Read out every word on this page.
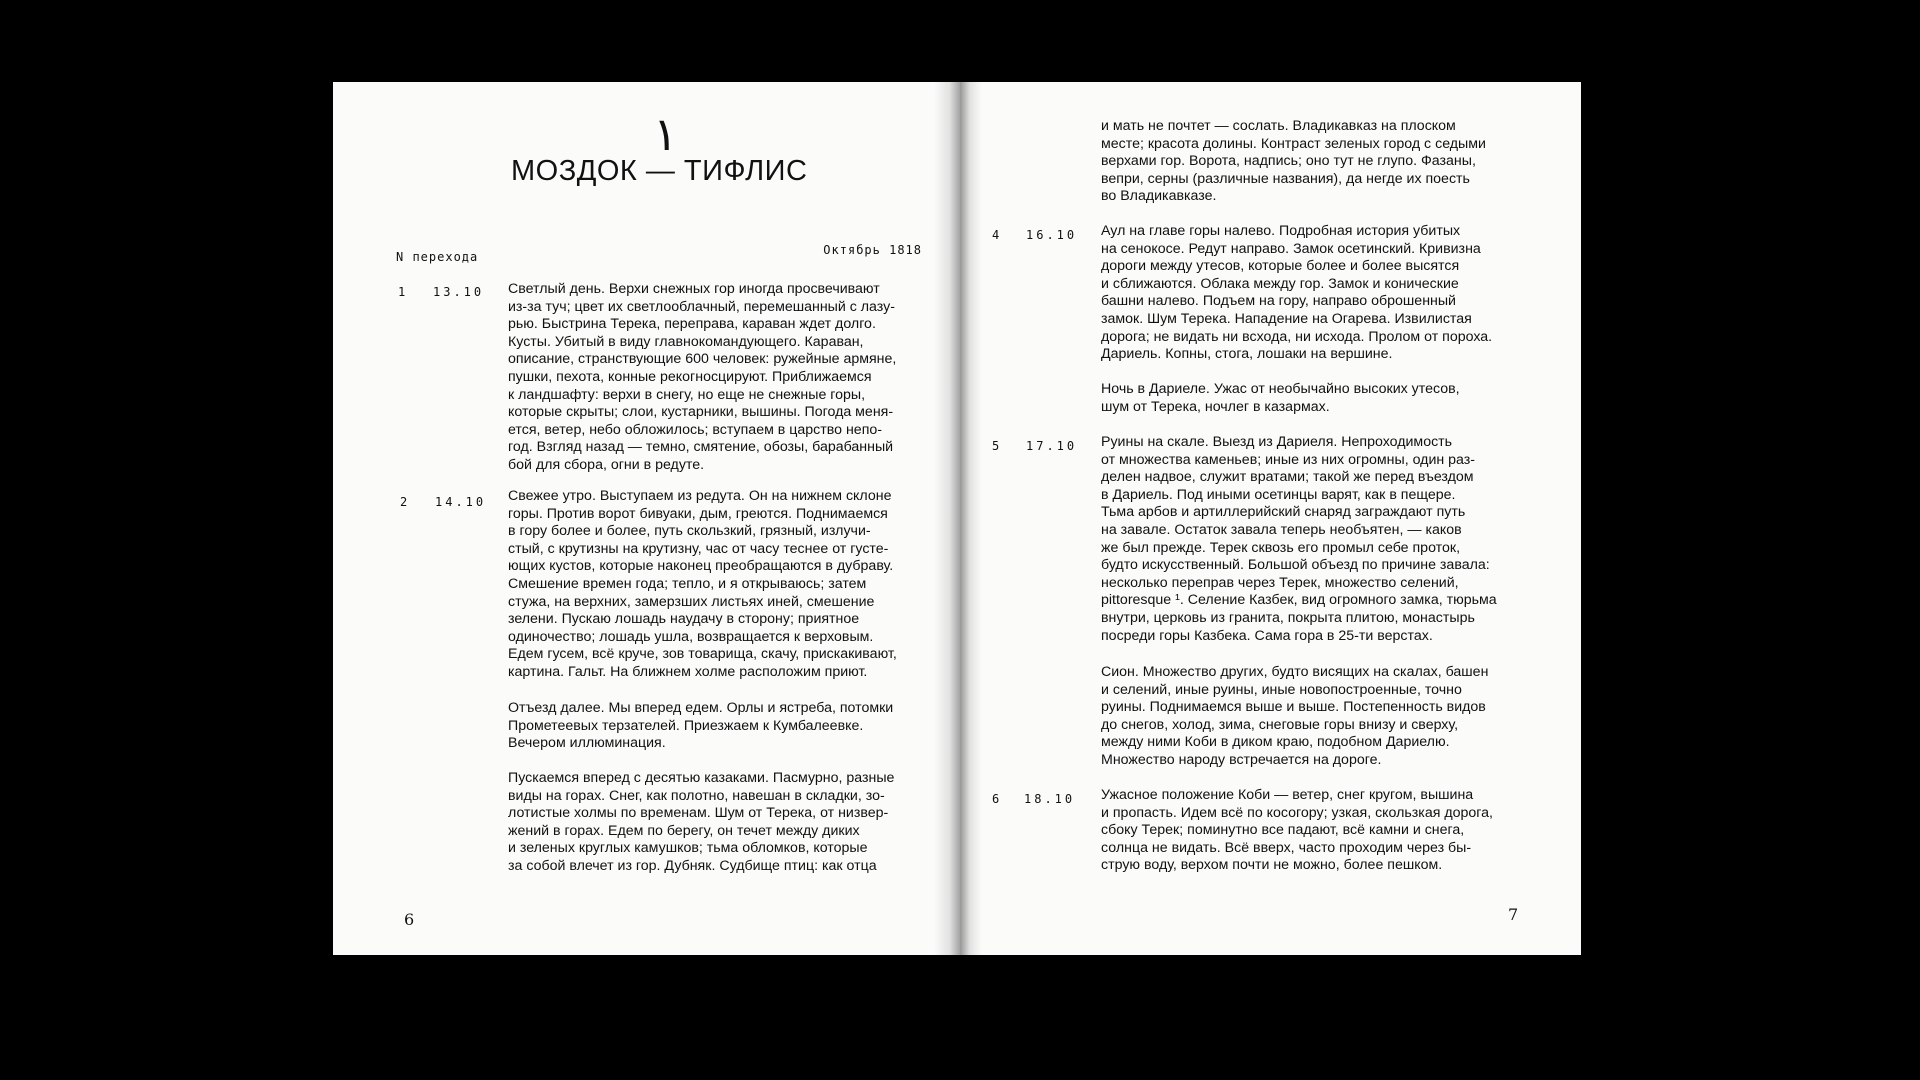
١
МОЗДОК — ТИФЛИС
N перехода	Октябрь 1818
1 13.10
2 14.10

Светлый день. Верхи снежных гор иногда просвечивают
из-за туч; цвет их светлооблачный, перемешанный с лазу-
рью. Быстрина Терека, переправа, караван ждет долго.
Кусты. Убитый в виду главнокомандующего. Караван,
описание, странствующие 600 человек: ружейные армяне,
пушки, пехота, конные рекогносцируют. Приближаемся
к ландшафту: верхи в снегу, но еще не снежные горы,
которые скрыты; слои, кустарники, вышины. Погода меня-
ется, ветер, небо обложилось; вступаем в царство непо-
год. Взгляд назад — темно, смятение, обозы, барабанный
бой для сбора, огни в редуте.

Свежее утро. Выступаем из редута. Он на нижнем склоне
горы. Против ворот бивуаки, дым, греются. Поднимаемся
в гору более и более, путь скользкий, грязный, излучи-
стый, с крутизны на крутизну, час от часу теснее от густе-
ющих кустов, которые наконец преобращаются в дубраву.
Смешение времен года; тепло, и я открываюсь; затем
стужа, на верхних, замерзших листьях иней, смешение
зелени. Пускаю лошадь наудачу в сторону; приятное
одиночество; лошадь ушла, возвращается к верховым.
Едем гусем, всё круче, зов товарища, скачу, прискакивают,
картина. Гальт. На ближнем холме расположим приют.

Отъезд далее. Мы вперед едем. Орлы и ястреба, потомки
Прометеевых терзателей. Приезжаем к Кумбалеевке.
Вечером иллюминация.

Пускаемся вперед с десятью казаками. Пасмурно, разные
виды на горах. Снег, как полотно, навешан в складки, зо-
лотистые холмы по временам. Шум от Терека, от низвер-
жений в горах. Едем по берегу, он течет между диких
и зеленых круглых камушков; тьма обломков, которые
за собой влечет из гор. Дубняк. Судбище птиц: как отца

6
4 16.10
5 17.10
6 18.10

и мать не почтет — сослать. Владикавказ на плоском
месте; красота долины. Контраст зеленых город с седыми
верхами гор. Ворота, надпись; оно тут не глупо. Фазаны,
вепри, серны (различные названия), да негде их поесть
во Владикавказе.

Аул на главе горы налево. Подробная история убитых
на сенокосе. Редут направо. Замок осетинский. Кривизна
дороги между утесов, которые более и более высятся
и сближаются. Облака между гор. Замок и конические
башни налево. Подъем на гору, направо оброшенный
замок. Шум Терека. Нападение на Огарева. Извилистая
дорога; не видать ни всхода, ни исхода. Пролом от пороха.
Дариель. Копны, стога, лошаки на вершине.

Ночь в Дариеле. Ужас от необычайно высоких утесов,
шум от Терека, ночлег в казармах.

Руины на скале. Выезд из Дариеля. Непроходимость
от множества каменьев; иные из них огромны, один раз-
делен надвое, служит вратами; такой же перед въездом
в Дариель. Под иными осетинцы варят, как в пещере.
Тьма арбов и артиллерийский снаряд заграждают путь
на завале. Остаток завала теперь необъятен, — каков
же был прежде. Терек сквозь его промыл себе проток,
будто искусственный. Большой объезд по причине завала:
несколько переправ через Терек, множество селений,
pittoresque ¹. Селение Казбек, вид огромного замка, тюрьма
внутри, церковь из гранита, покрыта плитою, монастырь
посреди горы Казбека. Сама гора в 25-ти верстах.

Сион. Множество других, будто висящих на скалах, башен
и селений, иные руины, иные новопостроенные, точно
руины. Поднимаемся выше и выше. Постепенность видов
до снегов, холод, зима, снеговые горы внизу и сверху,
между ними Коби в диком краю, подобном Дариелю.
Множество народу встречается на дороге.

Ужасное положение Коби — ветер, снег кругом, вышина
и пропасть. Идем всё по косогору; узкая, скользкая дорога,
сбоку Терек; поминутно все падают, всё камни и снега,
солнца не видать. Всё вверх, часто проходим через бы-
струю воду, верхом почти не можно, более пешком.

7
